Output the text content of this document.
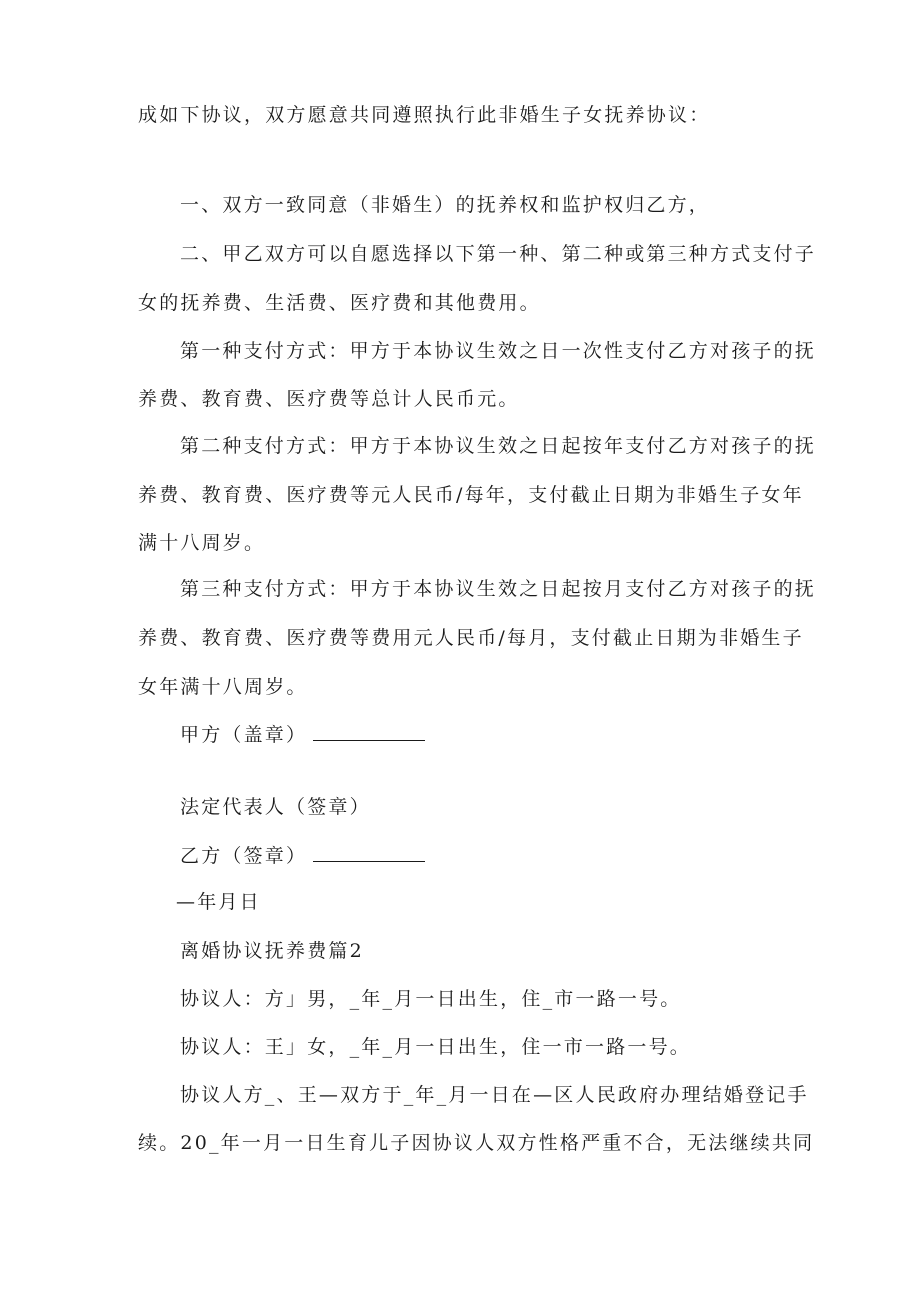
成如下协议，双方愿意共同遵照执行此非婚生子女抚养协议：
一、双方一致同意（非婚生）的抚养权和监护权归乙方，
二、甲乙双方可以自愿选择以下第一种、第二种或第三种方式支付子
女的抚养费、生活费、医疗费和其他费用。
第一种支付方式：甲方于本协议生效之日一次性支付乙方对孩子的抚
养费、教育费、医疗费等总计人民币元。
第二种支付方式：甲方于本协议生效之日起按年支付乙方对孩子的抚
养费、教育费、医疗费等元人民币/每年，支付截止日期为非婚生子女年
满十八周岁。
第三种支付方式：甲方于本协议生效之日起按月支付乙方对孩子的抚
养费、教育费、医疗费等费用元人民币/每月，支付截止日期为非婚生子
女年满十八周岁。
甲方（盖章）
法定代表人（签章）
乙方（签章）
—年月日
离婚协议抚养费篇2
协议人：方」男，_年_月一日出生，住_市一路一号。
协议人：王」女，_年_月一日出生，住一市一路一号。
协议人方_、王—双方于_年_月一日在—区人民政府办理结婚登记手
续。20_年一月一日生育儿子因协议人双方性格严重不合，无法继续共同
